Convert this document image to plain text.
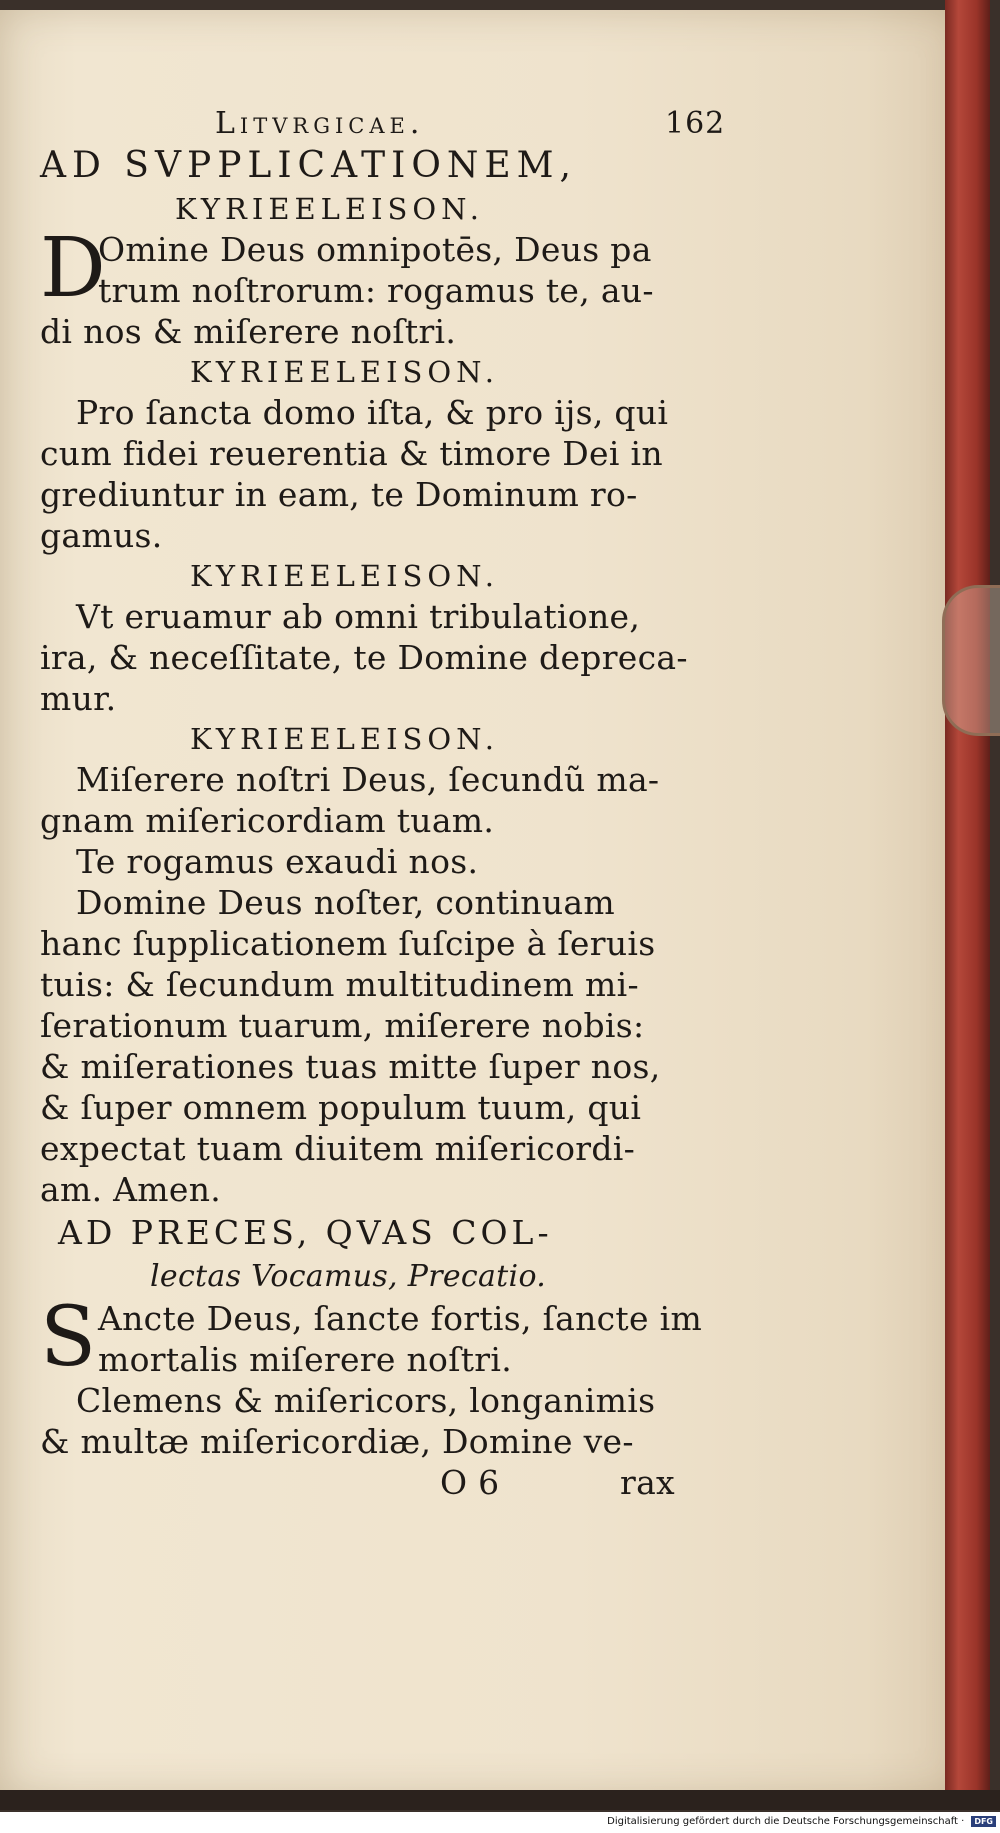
Litvrgicae.	162
AD SVPPLICATIONEM,
KYRIEELEISON.
D
Omine Deus omnipotēs, Deus pa
trum noſtrorum: rogamus te, au-
di nos & miſerere noſtri.
KYRIEELEISON.
Pro ſancta domo iſta, & pro ijs, qui
cum fidei reuerentia & timore Dei in
grediuntur in eam, te Dominum ro-
gamus.
KYRIEELEISON.
Vt eruamur ab omni tribulatione,
ira, & neceſſitate, te Domine depreca-
mur.
KYRIEELEISON.
Miſerere noſtri Deus, ſecundũ ma-
gnam miſericordiam tuam.
Te rogamus exaudi nos.
Domine Deus noſter, continuam
hanc ſupplicationem ſuſcipe à ſeruis
tuis: & ſecundum multitudinem mi-
ſerationum tuarum, miſerere nobis:
& miſerationes tuas mitte ſuper nos,
& ſuper omnem populum tuum, qui
expectat tuam diuitem miſericordi-
am. Amen.
AD PRECES, QVAS COL-
lectas Vocamus, Precatio.
S Ancte Deus, ſancte fortis, ſancte im
mortalis miſerere noſtri.
Clemens & miſericors, longanimis
& multæ miſericordiæ, Domine ve-
O 6	rax
Digitalisierung gefördert durch die Deutsche Forschungsgemeinschaft · DFG
